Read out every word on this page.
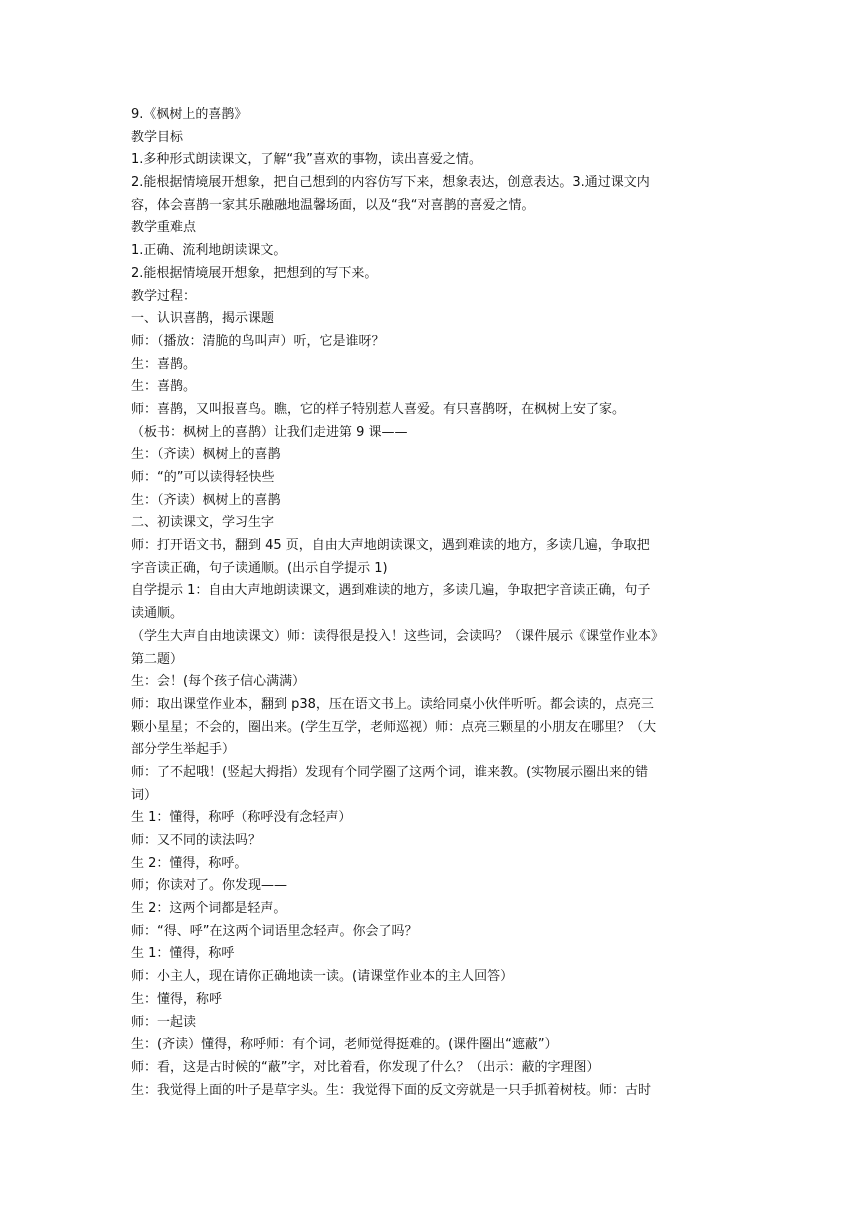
9.《枫树上的喜鹊》
教学目标
1.多种形式朗读课文，了解“我”喜欢的事物，读出喜爱之情。
2.能根据情境展开想象，把自己想到的内容仿写下来，想象表达，创意表达。3.通过课文内
容，体会喜鹊一家其乐融融地温馨场面，以及“我“对喜鹊的喜爱之情。
教学重难点
1.正确、流利地朗读课文。
2.能根据情境展开想象，把想到的写下来。
教学过程：
一、认识喜鹊，揭示课题
师：（播放：清脆的鸟叫声）听，它是谁呀？
生：喜鹊。
生：喜鹊。
师：喜鹊，又叫报喜鸟。瞧，它的样子特别惹人喜爱。有只喜鹊呀，在枫树上安了家。
（板书：枫树上的喜鹊）让我们走进第 9 课——
生：（齐读）枫树上的喜鹊
师：“的”可以读得轻快些
生：（齐读）枫树上的喜鹊
二、初读课文，学习生字
师：打开语文书，翻到 45 页，自由大声地朗读课文，遇到难读的地方，多读几遍，争取把
字音读正确，句子读通顺。(出示自学提示 1)
自学提示 1：自由大声地朗读课文，遇到难读的地方，多读几遍，争取把字音读正确，句子
读通顺。
（学生大声自由地读课文）师：读得很是投入！这些词，会读吗？（课件展示《课堂作业本》
第二题）
生：会！(每个孩子信心满满）
师：取出课堂作业本，翻到 p38，压在语文书上。读给同桌小伙伴听听。都会读的，点亮三
颗小星星；不会的，圈出来。(学生互学，老师巡视）师：点亮三颗星的小朋友在哪里？（大
部分学生举起手）
师：了不起哦！(竖起大拇指）发现有个同学圈了这两个词，谁来教。(实物展示圈出来的错
词）
生 1：懂得，称呼（称呼没有念轻声）
师：又不同的读法吗？
生 2：懂得，称呼。
师；你读对了。你发现——
生 2：这两个词都是轻声。
师：“得、呼”在这两个词语里念轻声。你会了吗？
生 1：懂得，称呼
师：小主人，现在请你正确地读一读。(请课堂作业本的主人回答）
生：懂得，称呼
师：一起读
生：(齐读）懂得，称呼师：有个词，老师觉得挺难的。(课件圈出“遮蔽”）
师：看，这是古时候的“蔽”字，对比着看，你发现了什么？（出示：蔽的字理图）
生：我觉得上面的叶子是草字头。生：我觉得下面的反文旁就是一只手抓着树枝。师：古时
